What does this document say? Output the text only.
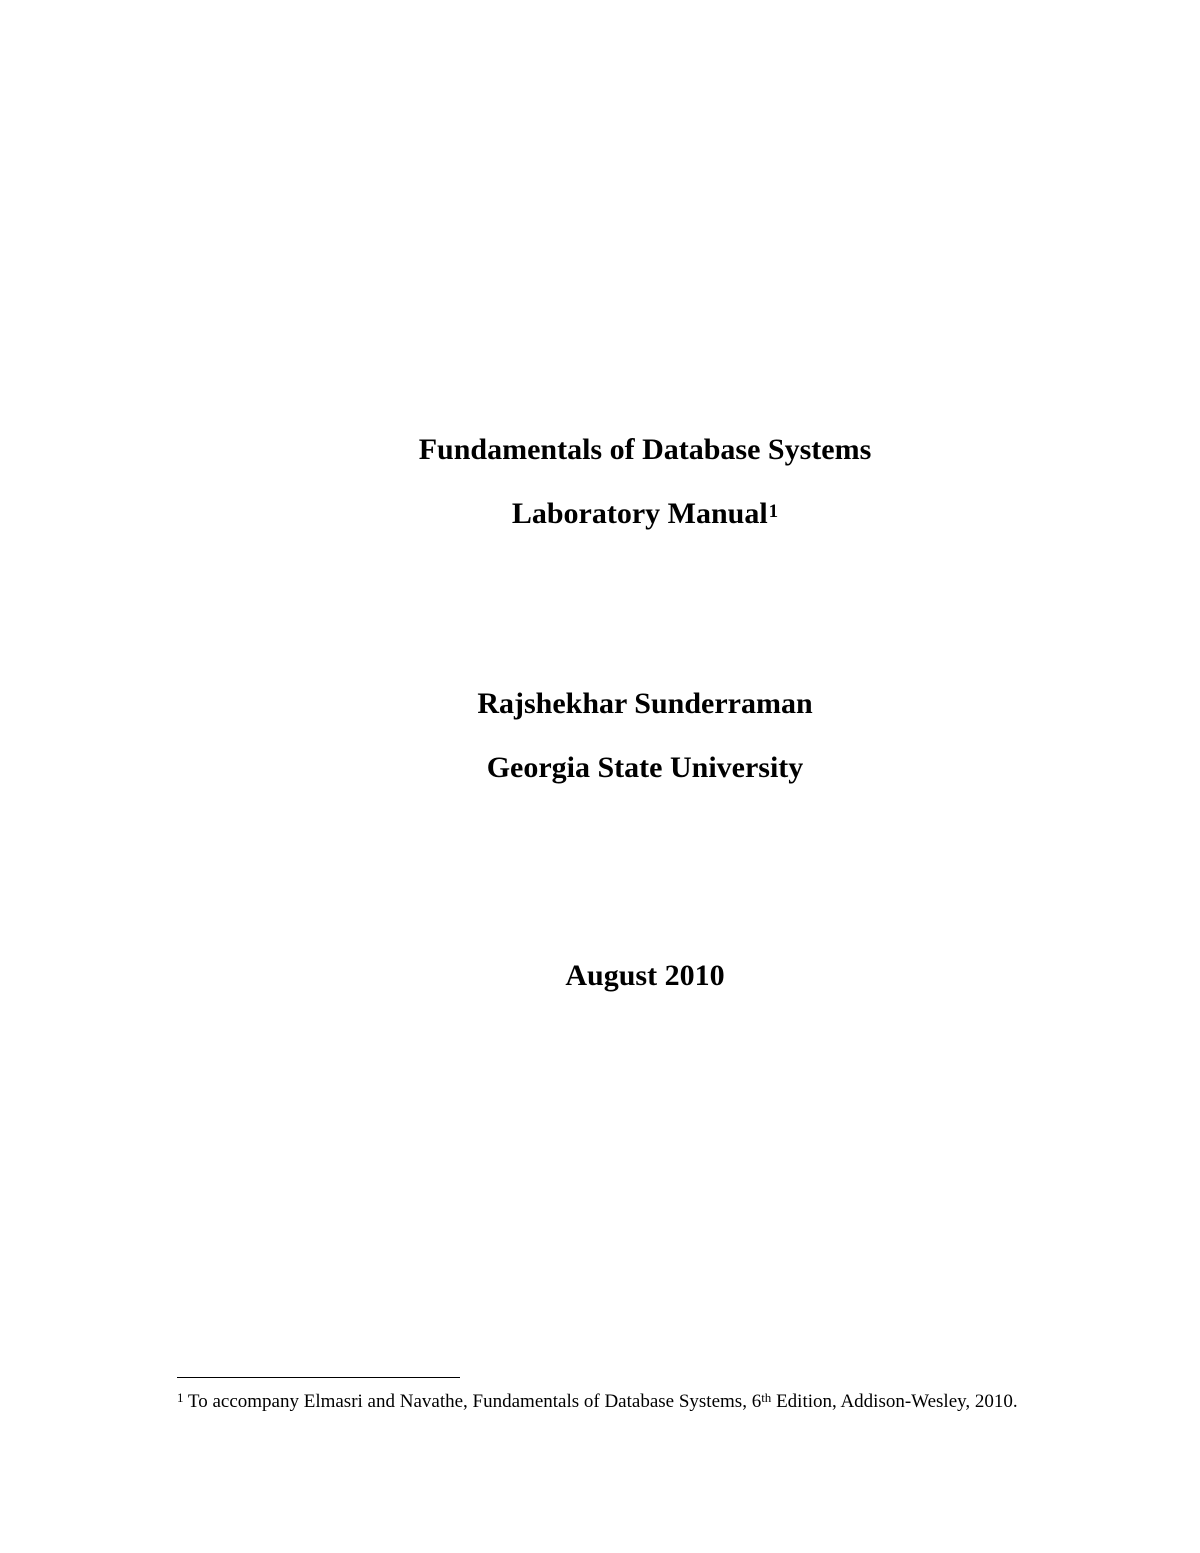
Fundamentals of Database Systems
Laboratory Manual$^1$
Rajshekhar Sunderraman
Georgia State University
August 2010
$^1$ To accompany Elmasri and Navathe, Fundamentals of Database Systems, 6th Edition, Addison-Wesley, 2010.
